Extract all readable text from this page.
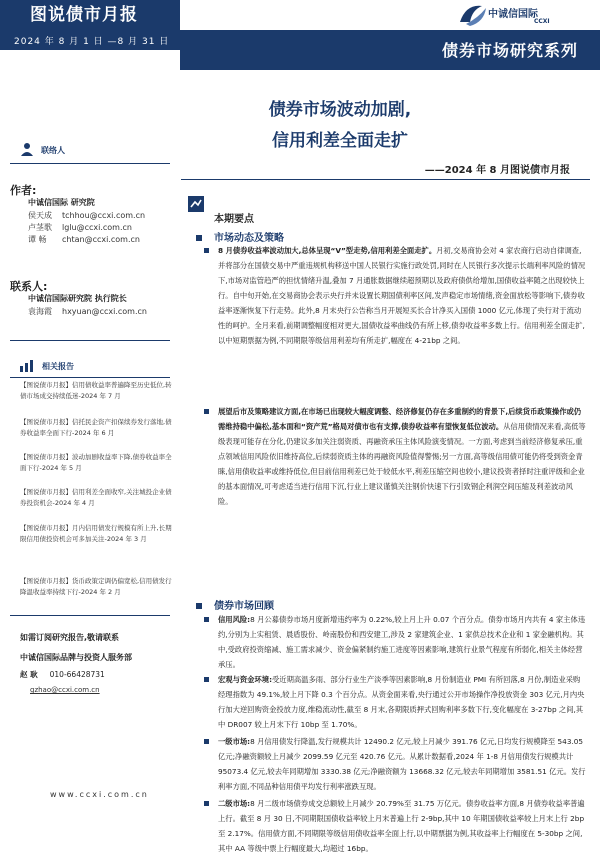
图说债市月报
2024 年 8 月 1 日 —8 月 31 日	债券市场研究系列
中诚信国际
CCXI
债券市场波动加剧,
信用利差全面走扩
——2024 年 8 月图说债市月报
联络人
作者:
中诚信国际 研究院
侯天成 tchhou@ccxi.com.cn
卢茎歌 lglu@ccxi.com.cn
谭 畅 chtan@ccxi.com.cn
联系人:
中诚信国际研究院 执行院长
袁海霞 hxyuan@ccxi.com.cn
相关报告
【图说债市月报】信用债收益率普遍降至历史低位,转债市场成交持续低迷-2024 年 7 月
【图说债市月报】信托民企资产扣保续券发行落地,债券收益率全面下行-2024 年 6 月
【图说债市月报】波动加剧收益率下降,债券收益率全面下行-2024 年 5 月
【图说债市月报】信用利差全面收窄,关注城投企业债券投资机会-2024 年 4 月
【图说债市月报】月内信用债发行规模有所上升,长期限信用债投资机会可多加关注-2024 年 3 月
【图说债市月报】货币政策定调仍偏宽松,信用债发行降温收益率持续下行-2024 年 2 月
如需订阅研究报告,敬请联系
中诚信国际品牌与投资人服务部
赵 耿 010-66428731
gzhao@ccxi.com.cn
www.ccxi.com.cn
本期要点
市场动态及策略
8 月债券收益率波动加大,总体呈现“V”型走势,信用利差全面走扩。月初,交易商协会对 4 家农商行启动自律调查,并将部分在国债交易中严重违规机构移送中国人民银行实施行政处罚,同时在人民银行多次提示长端利率风险的情况下,市场对监管趋严的担忧情绪升温,叠加 7 月通胀数据继续超预期以及政府债供给增加,国债收益率随之出现较快上行。自中旬开始,在交易商协会表示央行并未设置长期国债利率区间,发声稳定市场情绪,资金面放松等影响下,债券收益率逐渐恢复下行走势。此外,8 月末央行公告称当月开展短买长合计净买入国债 1000 亿元,体现了央行对于流动性的呵护。全月来看,前期调整幅度相对更大,国债收益率曲线仍有所上移,债券收益率多数上行。信用利差全面走扩,以中短期票据为例,不同期限等级信用利差均有所走扩,幅度在 4-21bp 之间。
展望后市及策略建议方面,在市场已出现较大幅度调整、经济修复仍存在多重制约的背景下,后续货币政策操作或仍需维持稳中偏松,基本面和“资产荒”格局对债市也有支撑,债券收益率有望恢复低位波动。从信用债情况来看,高低等级表现可能存在分化,仍建议多加关注弱资质、再融资承压主体风险演变情况。一方面,考虑到当前经济修复承压,重点领域信用风险依旧维持高位,后续弱资质主体的再融资风险值得警惕;另一方面,高等级信用债可能仍将受到资金青睐,信用债收益率或维持低位,但目前信用利差已处于较低水平,利差压缩空间也较小,建议投资者择时注重评级和企业的基本面情况,可考虑适当进行信用下沉,行业上建议谨慎关注钢价快速下行引致钢企利润空间压缩及利差波动风险。
债券市场回顾
信用风险:8 月公募债券市场月度新增违约率为 0.22%,较上月上升 0.07 个百分点。债券市场月内共有 4 家主体违约,分别为上实租赁、晨盾股份、岭南股份和西安建工,涉及 2 家建筑企业、1 家供总技术企业和 1 家金融机构。其中,受政府投资缩减、施工需求减少、资金偏紧制约施工进度等因素影响,建筑行业景气程度有所弱化,相关主体经营承压。
宏观与资金环境:受近期高温多雨、部分行业生产淡季等因素影响,8 月份制造业 PMI 有所回落,8 月份,制造业采购经理指数为 49.1%,较上月下降 0.3 个百分点。从资金面来看,央行通过公开市场操作净投放资金 303 亿元,月内央行加大逆回购资金投放力度,维稳流动性,截至 8 月末,各期限质押式回购利率多数下行,变化幅度在 3-27bp 之间,其中 DR007 较上月末下行 10bp 至 1.70%。
一级市场:8 月信用债发行降温,发行规模共计 12490.2 亿元,较上月减少 391.76 亿元,日均发行规模降至 543.05 亿元;净融资额较上月减少 2099.59 亿元至 420.76 亿元。从累计数据看,2024 年 1-8 月信用债发行规模共计 95073.4 亿元,较去年同期增加 3330.38 亿元;净融资额为 13668.32 亿元,较去年同期增加 3581.51 亿元。发行利率方面,不同品种信用债平均发行利率涨跌互现。
二级市场:8 月二级市场债券成交总额较上月减少 20.79%至 31.75 万亿元。债券收益率方面,8 月债券收益率普遍上行。截至 8 月 30 日,不同期限国债收益率较上月末普遍上行 2-9bp,其中 10 年期国债收益率较上月末上行 2bp 至 2.17%。信用债方面,不同期限等级信用债收益率全面上行,以中期票据为例,其收益率上行幅度在 5-30bp 之间,其中 AA 等级中票上行幅度最大,均超过 16bp。
